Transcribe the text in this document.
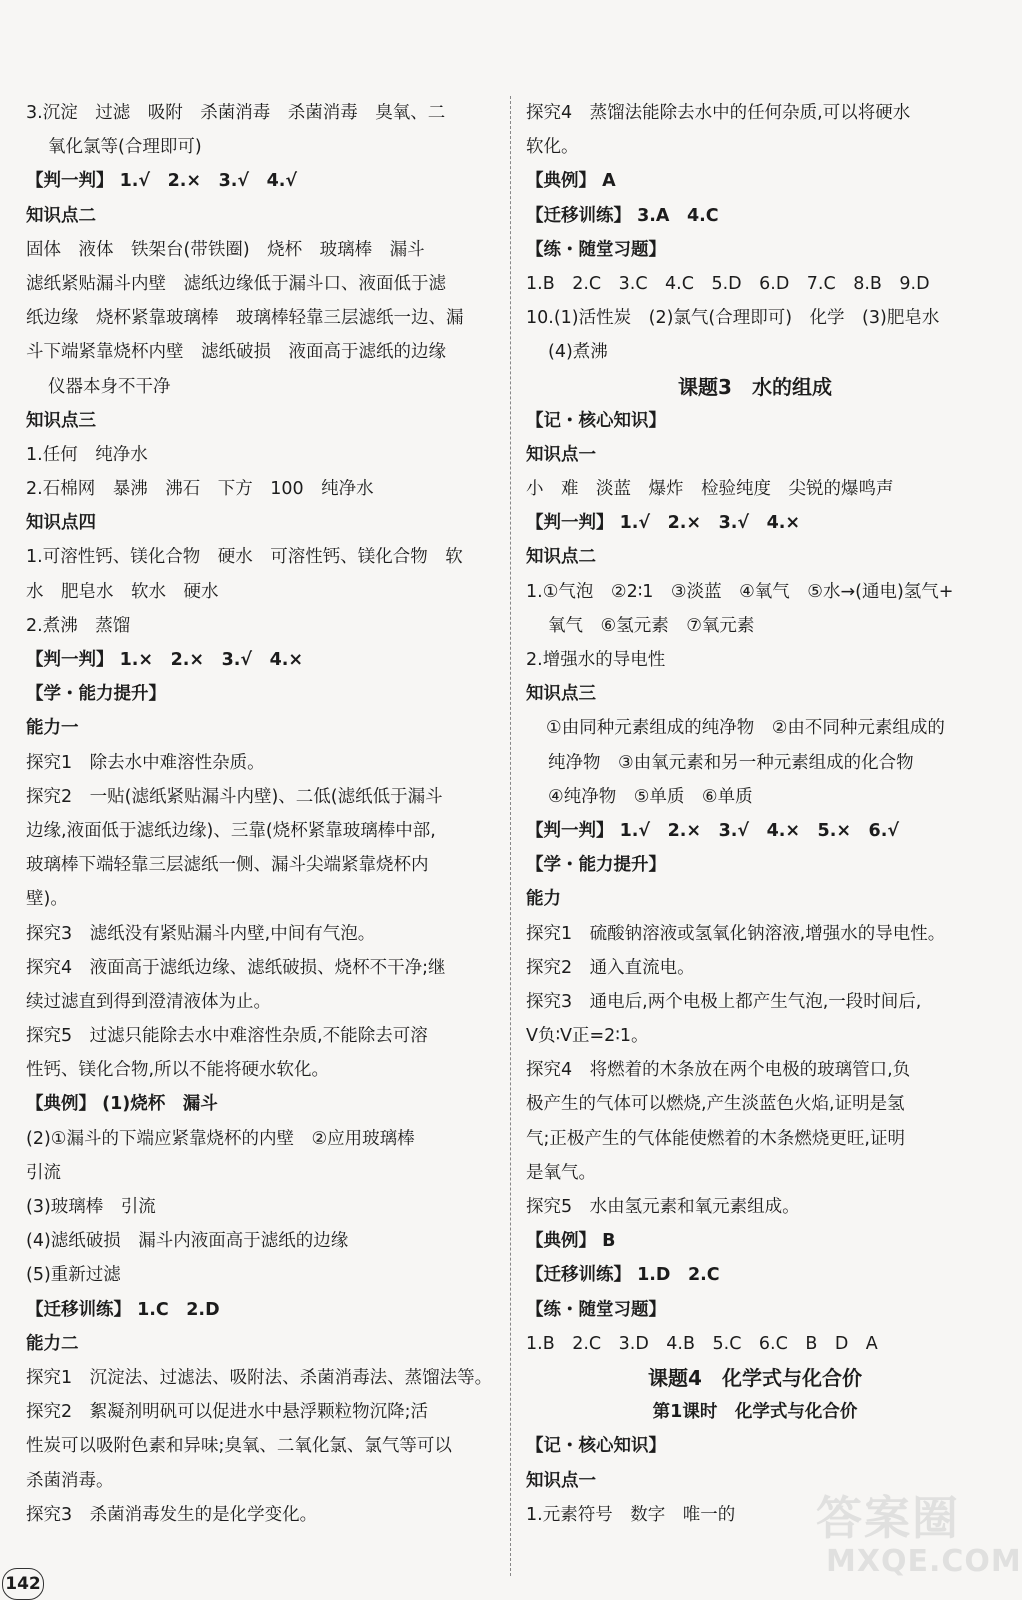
3.沉淀　过滤　吸附　杀菌消毒　杀菌消毒　臭氧、二
氧化氯等(合理即可)
【判一判】 1.√　2.×　3.√　4.√
知识点二
固体　液体　铁架台(带铁圈)　烧杯　玻璃棒　漏斗
滤纸紧贴漏斗内壁　滤纸边缘低于漏斗口、液面低于滤
纸边缘　烧杯紧靠玻璃棒　玻璃棒轻靠三层滤纸一边、漏
斗下端紧靠烧杯内壁　滤纸破损　液面高于滤纸的边缘
仪器本身不干净
知识点三
1.任何　纯净水
2.石棉网　暴沸　沸石　下方　100　纯净水
知识点四
1.可溶性钙、镁化合物　硬水　可溶性钙、镁化合物　软
水　肥皂水　软水　硬水
2.煮沸　蒸馏
【判一判】 1.×　2.×　3.√　4.×
【学・能力提升】
能力一
探究1　除去水中难溶性杂质。
探究2　一贴(滤纸紧贴漏斗内壁)、二低(滤纸低于漏斗
边缘,液面低于滤纸边缘)、三靠(烧杯紧靠玻璃棒中部,
玻璃棒下端轻靠三层滤纸一侧、漏斗尖端紧靠烧杯内
壁)。
探究3　滤纸没有紧贴漏斗内壁,中间有气泡。
探究4　液面高于滤纸边缘、滤纸破损、烧杯不干净;继
续过滤直到得到澄清液体为止。
探究5　过滤只能除去水中难溶性杂质,不能除去可溶
性钙、镁化合物,所以不能将硬水软化。
【典例】 (1)烧杯　漏斗
(2)①漏斗的下端应紧靠烧杯的内壁　②应用玻璃棒
引流
(3)玻璃棒　引流
(4)滤纸破损　漏斗内液面高于滤纸的边缘
(5)重新过滤
【迁移训练】 1.C　2.D
能力二
探究1　沉淀法、过滤法、吸附法、杀菌消毒法、蒸馏法等。
探究2　絮凝剂明矾可以促进水中悬浮颗粒物沉降;活
性炭可以吸附色素和异味;臭氧、二氧化氯、氯气等可以
杀菌消毒。
探究3　杀菌消毒发生的是化学变化。
探究4　蒸馏法能除去水中的任何杂质,可以将硬水
软化。
【典例】 A
【迁移训练】 3.A　4.C
【练・随堂习题】
1.B　2.C　3.C　4.C　5.D　6.D　7.C　8.B　9.D
10.(1)活性炭　(2)氯气(合理即可)　化学　(3)肥皂水
(4)煮沸
课题3　水的组成
【记・核心知识】
知识点一
小　难　淡蓝　爆炸　检验纯度　尖锐的爆鸣声
【判一判】 1.√　2.×　3.√　4.×
知识点二
1.①气泡　②2∶1　③淡蓝　④氧气　⑤水→(通电)氢气+
氧气　⑥氢元素　⑦氧元素
2.增强水的导电性
知识点三
①由同种元素组成的纯净物　②由不同种元素组成的
纯净物　③由氧元素和另一种元素组成的化合物
④纯净物　⑤单质　⑥单质
【判一判】 1.√　2.×　3.√　4.×　5.×　6.√
【学・能力提升】
能力
探究1　硫酸钠溶液或氢氧化钠溶液,增强水的导电性。
探究2　通入直流电。
探究3　通电后,两个电极上都产生气泡,一段时间后,
V负∶V正=2∶1。
探究4　将燃着的木条放在两个电极的玻璃管口,负
极产生的气体可以燃烧,产生淡蓝色火焰,证明是氢
气;正极产生的气体能使燃着的木条燃烧更旺,证明
是氧气。
探究5　水由氢元素和氧元素组成。
【典例】 B
【迁移训练】 1.D　2.C
【练・随堂习题】
1.B　2.C　3.D　4.B　5.C　6.C　B　D　A
课题4　化学式与化合价
第1课时　化学式与化合价
【记・核心知识】
知识点一
1.元素符号　数字　唯一的
142
答案圈
MXQE.COM
